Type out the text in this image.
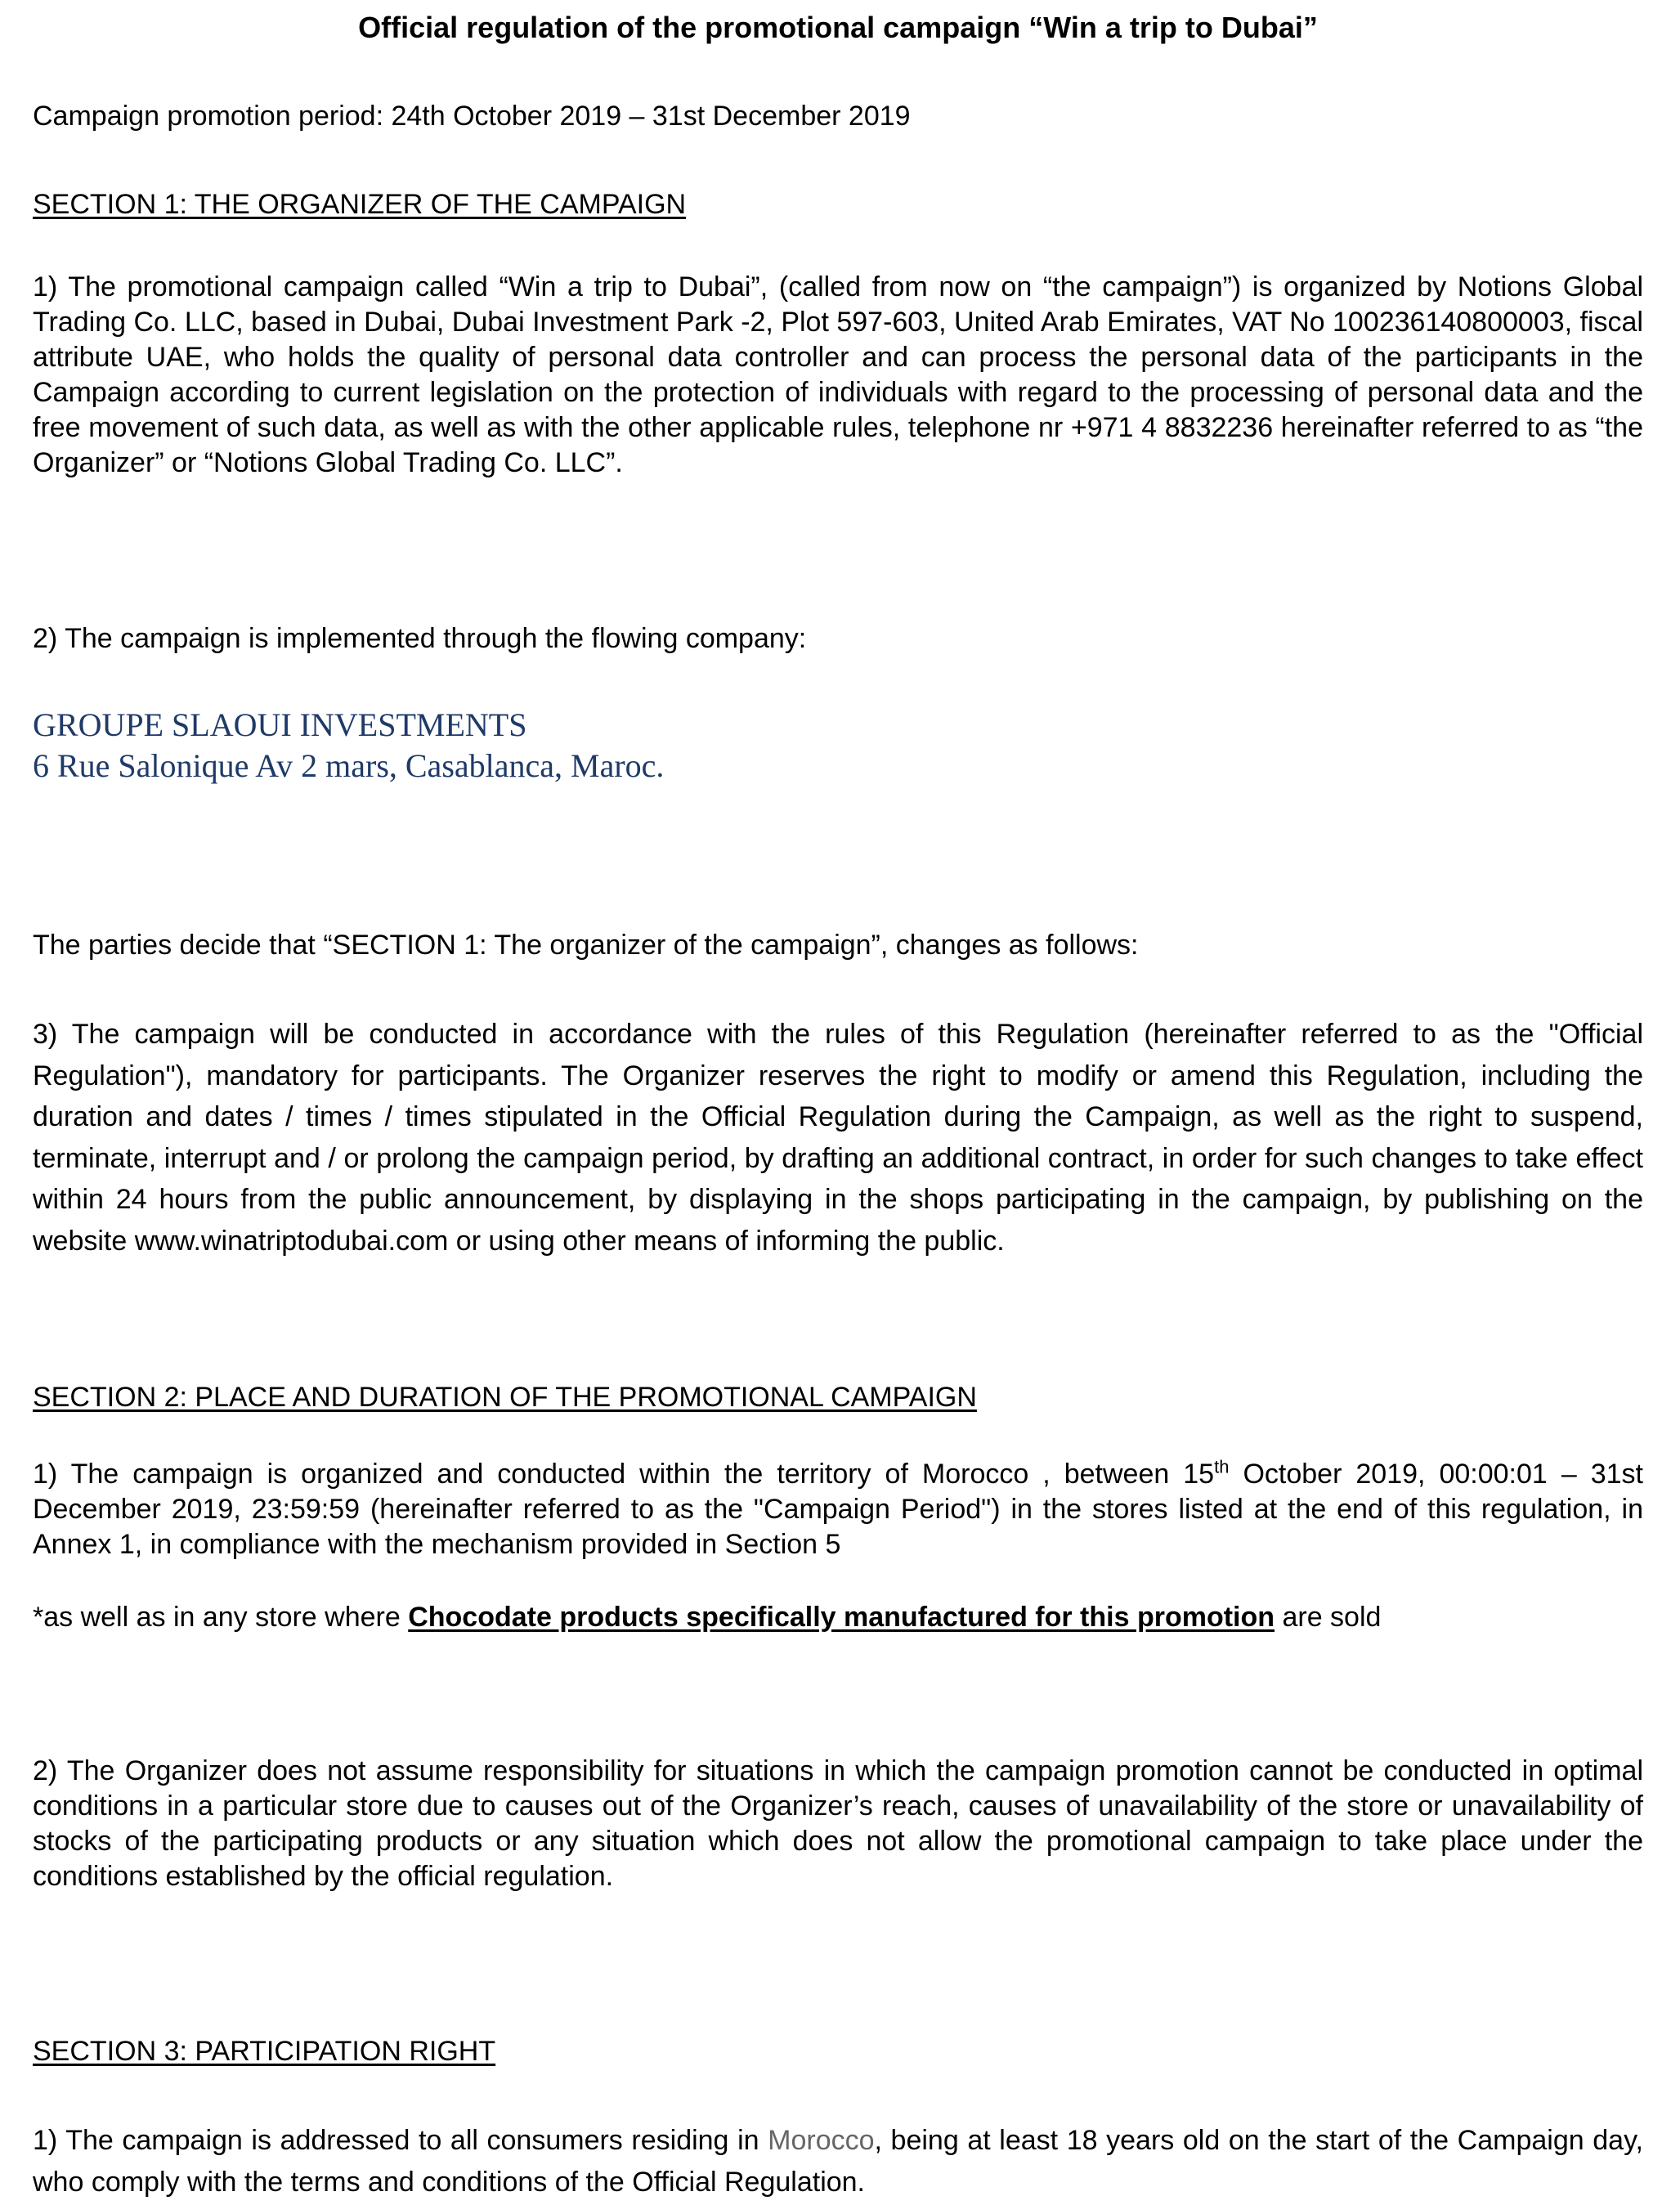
Official regulation of the promotional campaign “Win a trip to Dubai”
Campaign promotion period: 24th October 2019 – 31st December 2019
SECTION 1: THE ORGANIZER OF THE CAMPAIGN
1) The promotional campaign called “Win a trip to Dubai”, (called from now on “the campaign”) is organized by Notions Global Trading Co. LLC, based in Dubai, Dubai Investment Park -2, Plot 597-603, United Arab Emirates, VAT No 100236140800003, fiscal attribute UAE, who holds the quality of personal data controller and can process the personal data of the participants in the Campaign according to current legislation on the protection of individuals with regard to the processing of personal data and the free movement of such data, as well as with the other applicable rules, telephone nr +971 4 8832236 hereinafter referred to as “the Organizer” or “Notions Global Trading Co. LLC”.
2) The campaign is implemented through the flowing company:
GROUPE SLAOUI INVESTMENTS
6 Rue Salonique Av 2 mars, Casablanca, Maroc.
The parties decide that “SECTION 1: The organizer of the campaign”, changes as follows:
3) The campaign will be conducted in accordance with the rules of this Regulation (hereinafter referred to as the "Official Regulation"), mandatory for participants. The Organizer reserves the right to modify or amend this Regulation, including the duration and dates / times / times stipulated in the Official Regulation during the Campaign, as well as the right to suspend, terminate, interrupt and / or prolong the campaign period, by drafting an additional contract, in order for such changes to take effect within 24 hours from the public announcement, by displaying in the shops participating in the campaign, by publishing on the website www.winatriptodubai.com or using other means of informing the public.
SECTION 2: PLACE AND DURATION OF THE PROMOTIONAL CAMPAIGN
1) The campaign is organized and conducted within the territory of Morocco , between 15th October 2019, 00:00:01 – 31st December 2019, 23:59:59 (hereinafter referred to as the "Campaign Period") in the stores listed at the end of this regulation, in Annex 1, in compliance with the mechanism provided in Section 5
*as well as in any store where Chocodate products specifically manufactured for this promotion are sold
2) The Organizer does not assume responsibility for situations in which the campaign promotion cannot be conducted in optimal conditions in a particular store due to causes out of the Organizer’s reach, causes of unavailability of the store or unavailability of stocks of the participating products or any situation which does not allow the promotional campaign to take place under the conditions established by the official regulation.
SECTION 3: PARTICIPATION RIGHT
1) The campaign is addressed to all consumers residing in Morocco, being at least 18 years old on the start of the Campaign day, who comply with the terms and conditions of the Official Regulation.
